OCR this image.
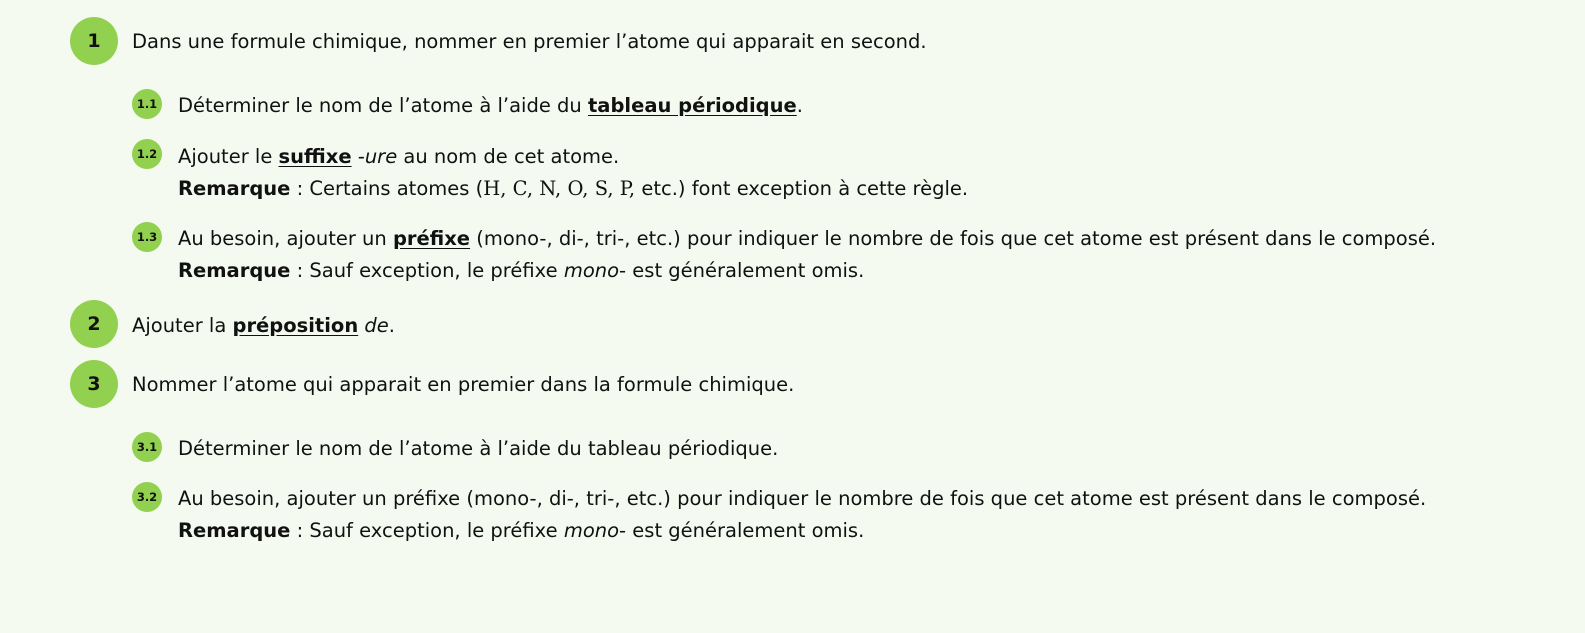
1	Dans une formule chimique, nommer en premier l’atome qui apparait en second.
1.1 Déterminer le nom de l’atome à l’aide du tableau périodique.
1.2 Ajouter le suffixe -ure au nom de cet atome.
Remarque : Certains atomes (H, C, N, O, S, P, etc.) font exception à cette règle.
1.3 Au besoin, ajouter un préfixe (mono-, di-, tri-, etc.) pour indiquer le nombre de fois que cet atome est présent dans le composé.
Remarque : Sauf exception, le préfixe mono- est généralement omis.
2	Ajouter la préposition de.
3	Nommer l’atome qui apparait en premier dans la formule chimique.
3.1 Déterminer le nom de l’atome à l’aide du tableau périodique.
3.2 Au besoin, ajouter un préfixe (mono-, di-, tri-, etc.) pour indiquer le nombre de fois que cet atome est présent dans le composé.
Remarque : Sauf exception, le préfixe mono- est généralement omis.
